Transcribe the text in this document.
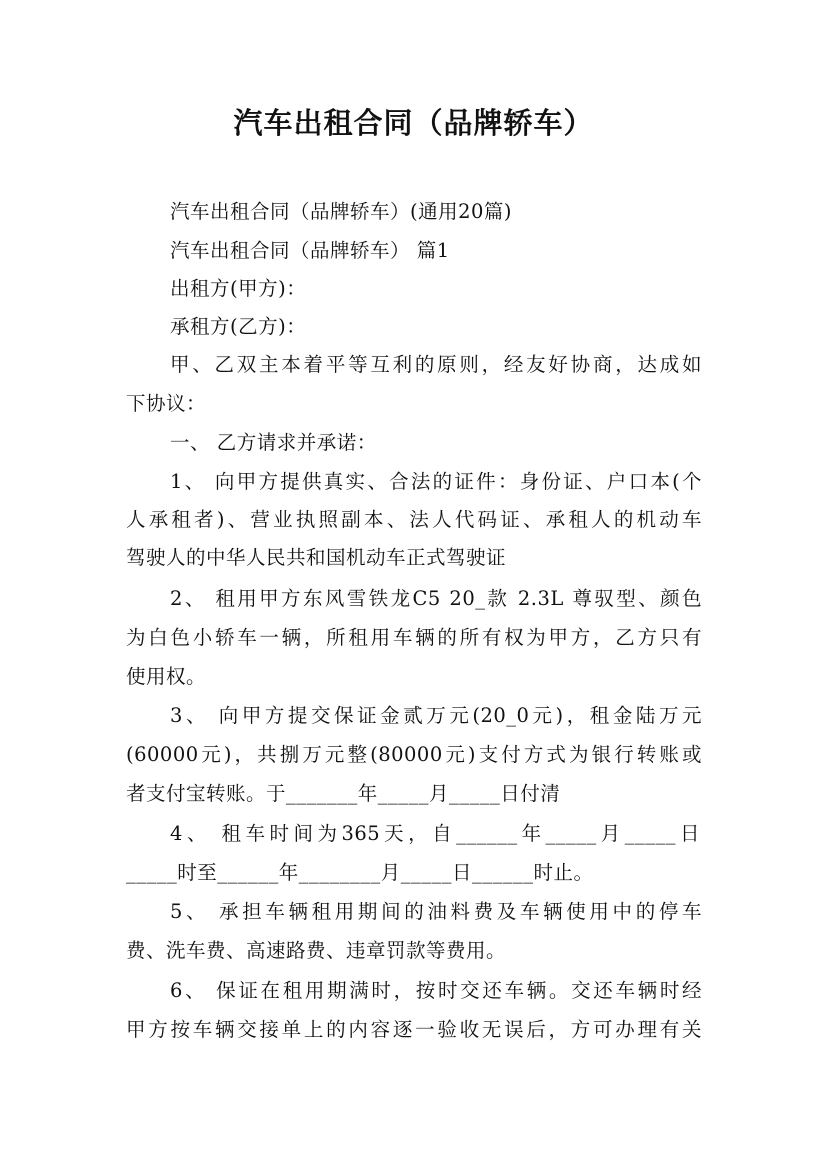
汽车出租合同（品牌轿车）
汽车出租合同（品牌轿车）(通用20篇)
汽车出租合同（品牌轿车） 篇1
出租方(甲方)：
承租方(乙方)：
甲、乙双主本着平等互利的原则，经友好协商，达成如
下协议：
一、 乙方请求并承诺：
1、 向甲方提供真实、合法的证件：身份证、户口本(个
人承租者)、营业执照副本、法人代码证、承租人的机动车
驾驶人的中华人民共和国机动车正式驾驶证
2、 租用甲方东风雪铁龙C5 20_款 2.3L 尊驭型、颜色
为白色小轿车一辆，所租用车辆的所有权为甲方，乙方只有
使用权。
3、 向甲方提交保证金贰万元(20_0元)，租金陆万元
(60000元)，共捌万元整(80000元)支付方式为银行转账或
者支付宝转账。于_______年_____月_____日付清
4、 租车时间为365天，自______年_____月_____日
_____时至______年________月_____日______时止。
5、 承担车辆租用期间的油料费及车辆使用中的停车
费、洗车费、高速路费、违章罚款等费用。
6、 保证在租用期满时，按时交还车辆。交还车辆时经
甲方按车辆交接单上的内容逐一验收无误后，方可办理有关
